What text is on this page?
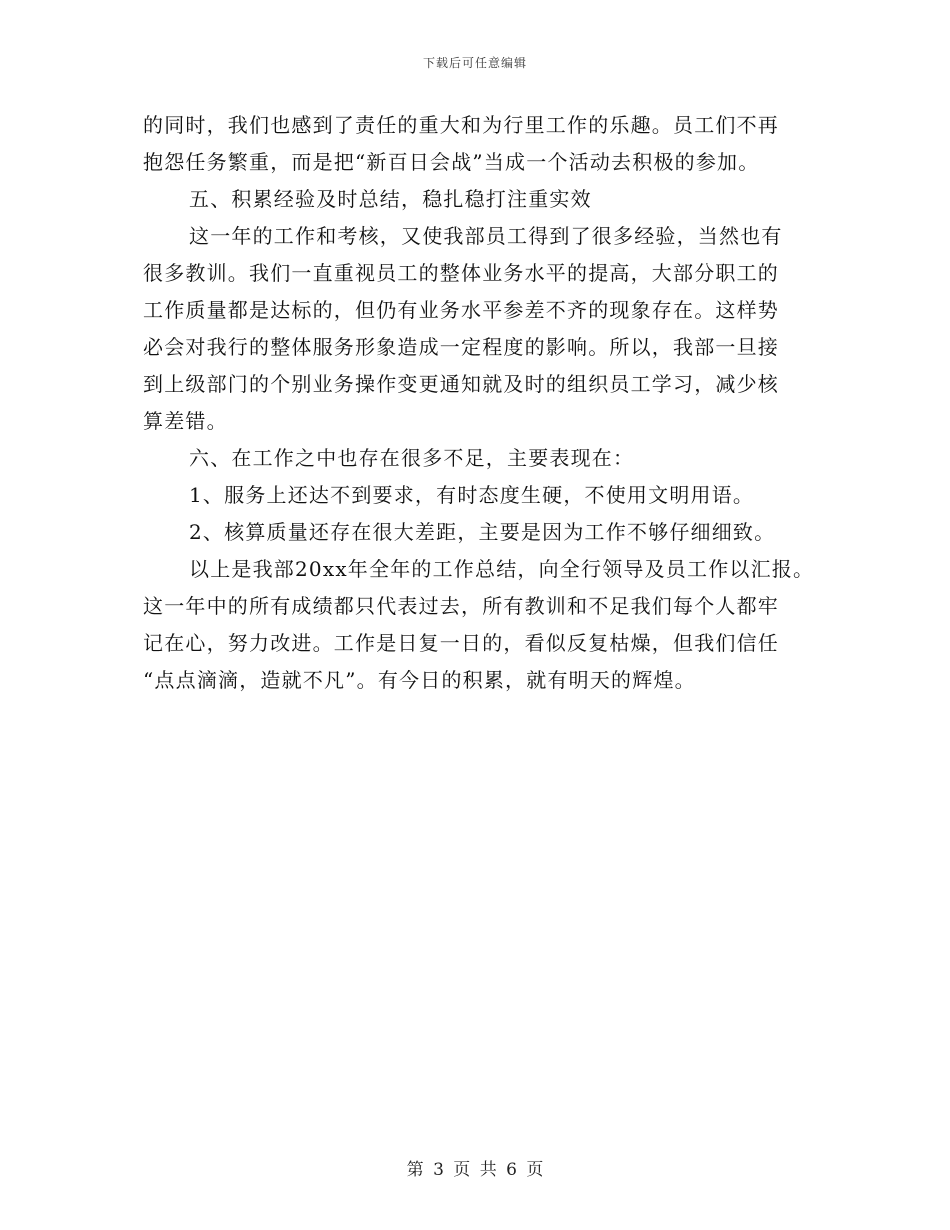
下载后可任意编辑
的同时，我们也感到了责任的重大和为行里工作的乐趣。员工们不再
抱怨任务繁重，而是把“新百日会战”当成一个活动去积极的参加。
五、积累经验及时总结，稳扎稳打注重实效
这一年的工作和考核，又使我部员工得到了很多经验，当然也有
很多教训。我们一直重视员工的整体业务水平的提高，大部分职工的
工作质量都是达标的，但仍有业务水平参差不齐的现象存在。这样势
必会对我行的整体服务形象造成一定程度的影响。所以，我部一旦接
到上级部门的个别业务操作变更通知就及时的组织员工学习，减少核
算差错。
六、在工作之中也存在很多不足，主要表现在：
1、服务上还达不到要求，有时态度生硬，不使用文明用语。
2、核算质量还存在很大差距，主要是因为工作不够仔细细致。
以上是我部20xx年全年的工作总结，向全行领导及员工作以汇报。
这一年中的所有成绩都只代表过去，所有教训和不足我们每个人都牢
记在心，努力改进。工作是日复一日的，看似反复枯燥，但我们信任
“点点滴滴，造就不凡”。有今日的积累，就有明天的辉煌。
第 3 页 共 6 页
